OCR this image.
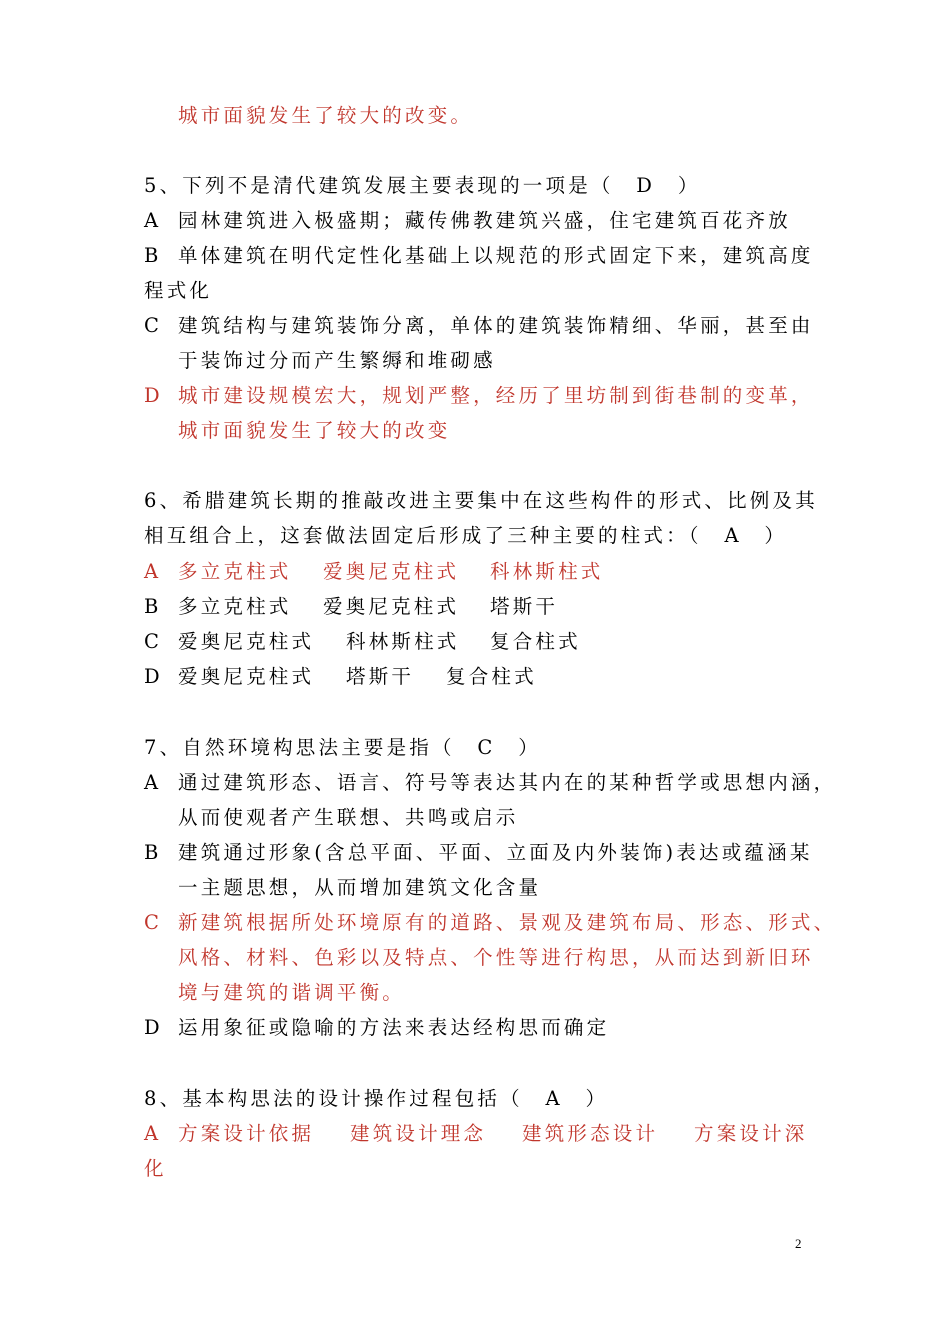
城市面貌发生了较大的改变。
5、下列不是清代建筑发展主要表现的一项是（　D　）
A 园林建筑进入极盛期；藏传佛教建筑兴盛，住宅建筑百花齐放
B 单体建筑在明代定性化基础上以规范的形式固定下来，建筑高度
程式化
C 建筑结构与建筑装饰分离，单体的建筑装饰精细、华丽，甚至由
于装饰过分而产生繁缛和堆砌感
D 城市建设规模宏大，规划严整，经历了里坊制到街巷制的变革，
城市面貌发生了较大的改变
6、希腊建筑长期的推敲改进主要集中在这些构件的形式、比例及其
相互组合上，这套做法固定后形成了三种主要的柱式：（　A　）
A 多立克柱式 爱奥尼克柱式 科林斯柱式
B 多立克柱式 爱奥尼克柱式 塔斯干
C 爱奥尼克柱式 科林斯柱式 复合柱式
D 爱奥尼克柱式 塔斯干 复合柱式
7、自然环境构思法主要是指（　C　）
A 通过建筑形态、语言、符号等表达其内在的某种哲学或思想内涵，
从而使观者产生联想、共鸣或启示
B 建筑通过形象(含总平面、平面、立面及内外装饰)表达或蕴涵某
一主题思想，从而增加建筑文化含量
C 新建筑根据所处环境原有的道路、景观及建筑布局、形态、形式、
风格、材料、色彩以及特点、个性等进行构思，从而达到新旧环
境与建筑的谐调平衡。
D 运用象征或隐喻的方法来表达经构思而确定
8、基本构思法的设计操作过程包括（　A　）
A 方案设计依据 建筑设计理念 建筑形态设计 方案设计深
化
2
